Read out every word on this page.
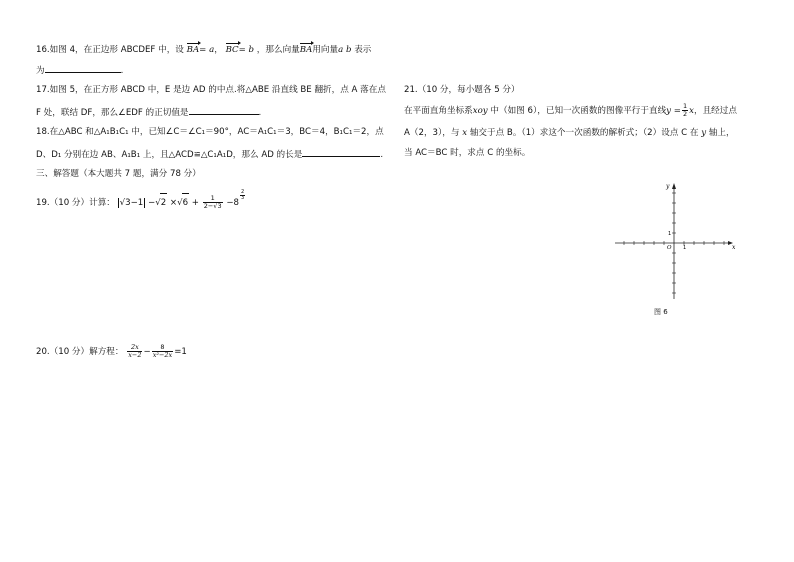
16.如图 4，在正边形 ABCDEF 中，设 BA= a， BC= b ，那么向量BA用向量a b 表示
为	.
17.如图 5，在正方形 ABCD 中，E 是边 AD 的中点.将△ABE 沿直线 BE 翻折，点 A 落在点
F 处，联结 DF，那么∠EDF 的正切值是	.
18.在△ABC 和△A₁B₁C₁ 中，已知∠C＝∠C₁＝90°，AC＝A₁C₁＝3，BC＝4，B₁C₁＝2，点
D、D₁ 分别在边 AB、A₁B₁ 上，且△ACD≌△C₁A₁D，那么 AD 的长是	.
三、解答题（本大题共 7 题，满分 78 分）
19.（10 分）计算： $√3-1 -√2 \times√6 + \frac{1}{2-√3} -8$
$\frac{2}{3}$
20.（10 分）解方程： $\frac{2x}{x-2} - \frac{8}{\text{x²−2x}} =1$
21.（10 分，每小题各 5 分）
在平面直角坐标系xoy 中（如图 6），已知一次函数的图像平行于直线$y = \frac{1}{2}$ x，且经过点
A（2，3），与 x 轴交于点 B。（1）求这个一次函数的解析式；（2）设点 C 在 y 轴上，
当 AC＝BC 时，求点 C 的坐标。
y
x
O 1
1
图 6
